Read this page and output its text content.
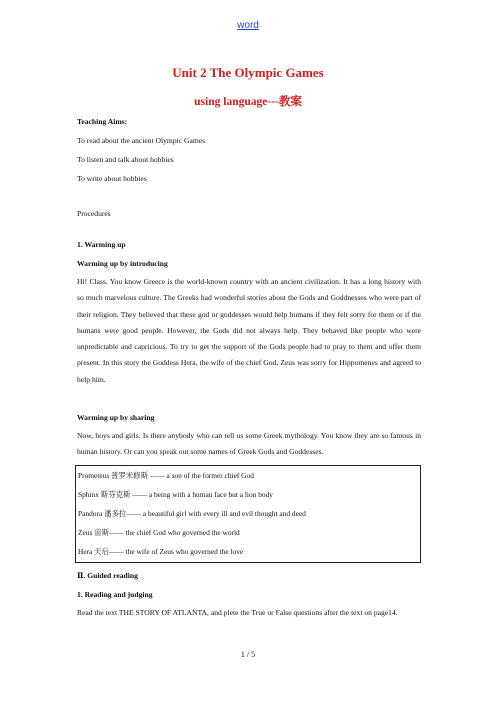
word
Unit 2 The Olympic Games
using language---教案
Teaching Aims:
To read about the ancient Olympic Games
To listen and talk about hobbies
To write about hobbies
Procedures
1. Warming up
Warming up by introducing
Hi! Class. You know Greece is the world-known country with an ancient civilization. It has a long history with so much marvelous culture. The Greeks had wonderful stories about the Gods and Goddnesses who were part of their religion. They believed that these god or goddesses would help humans if they felt sorry for them or if the humans were good people. However, the Gods did not always help. They behaved like people who were unpredictable and capricious. To try to get the support of the Gods people had to pray to them and offer them present. In this story the Goddess Hera, the wife of the chief God, Zeus was sorry for Hippomenes and agreed to help him.
Warming up by sharing
Now, boys and girls. Is there anybody who can tell us some Greek mythology. You know they are so famous in human history. Or can you speak out some names of Greek Gods and Goddesses.
Prometeus 普罗米修斯 —— a son of the former chief God
Sphinx 斯芬克斯 —— a being with a human face but a lion body
Pandora 潘多拉—— a beautiful girl with every ill and evil thought and deed
Zeus 宙斯—— the chief God who governed the world
Hera 天后—— the wife of Zeus who governed the love
Ⅱ. Guided reading
1. Reading and judging
Read the text THE STORY OF ATLANTA, and plete the True or False questions after the text on page14.
1 / 5
